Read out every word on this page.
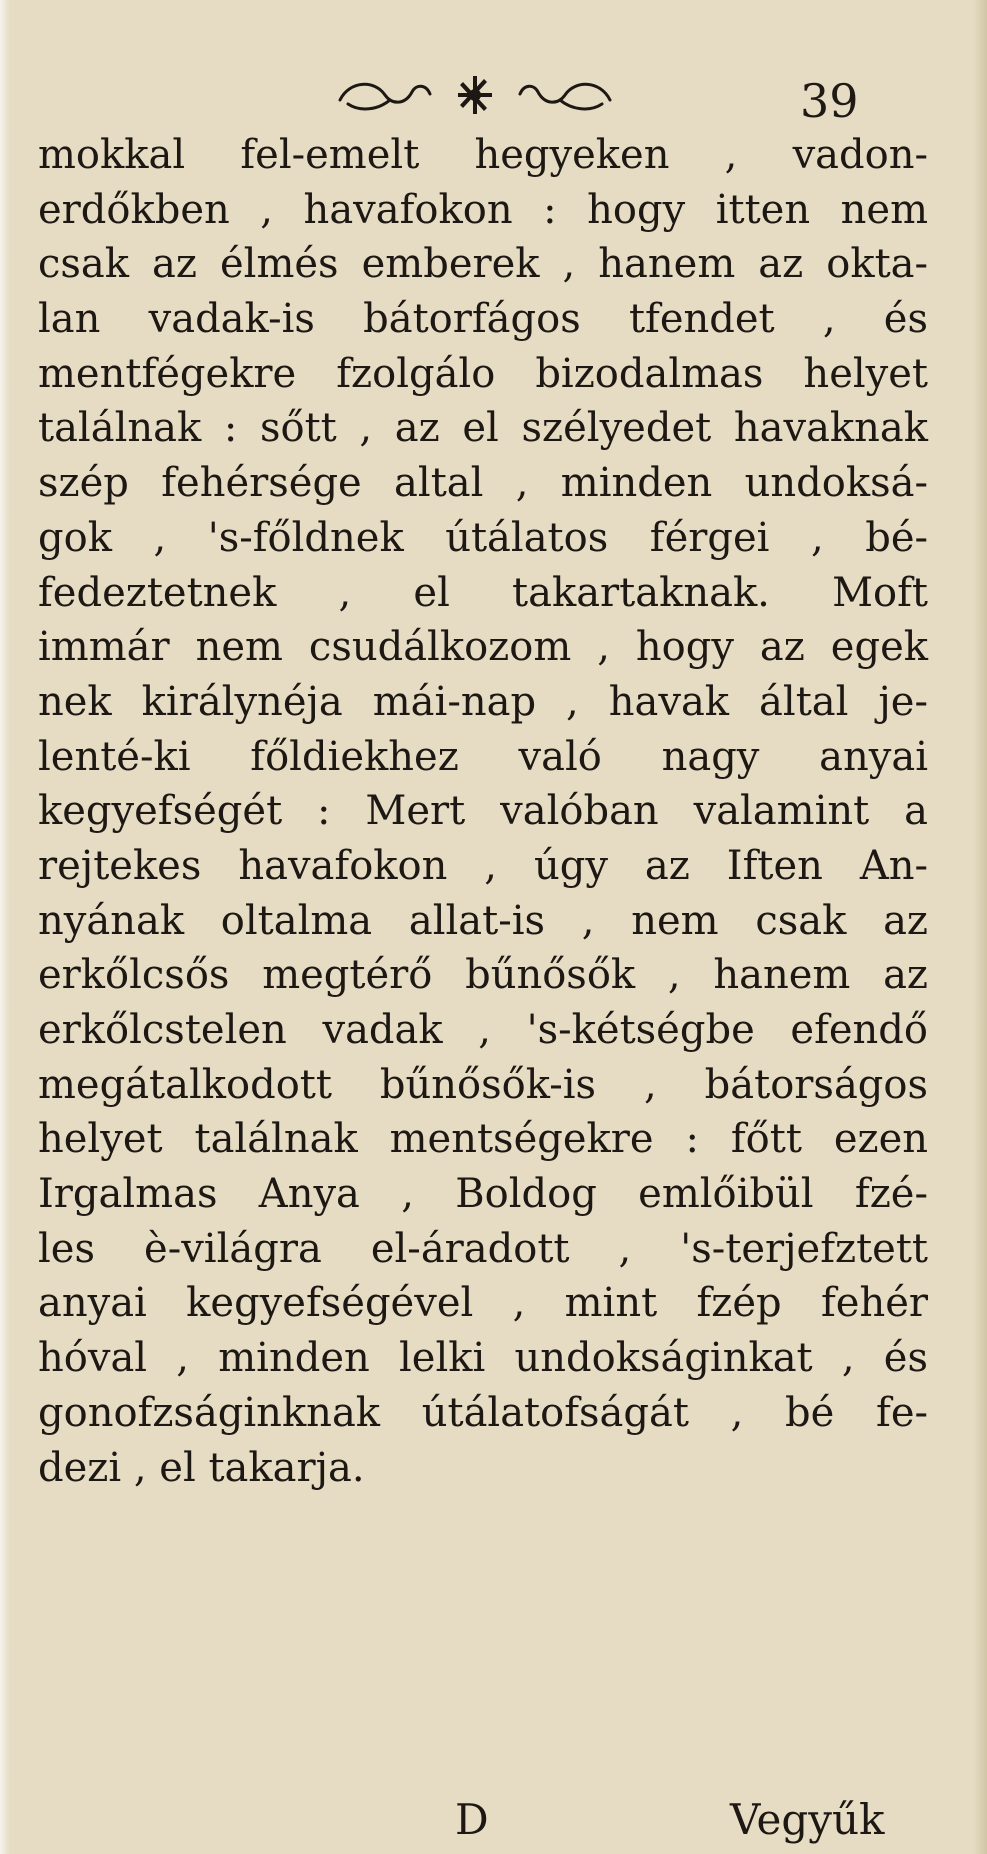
39
mokkal fel-emelt hegyeken , vadon-
erdőkben , havafokon : hogy itten nem
csak az élmés emberek , hanem az okta-
lan vadak-is bátorfágos tfendet , és
mentfégekre fzolgálo bizodalmas helyet
találnak : sőtt , az el szélyedet havaknak
szép fehérsége altal , minden undoksá-
gok , 's-főldnek útálatos férgei , bé-
fedeztetnek , el takartaknak. Moft
immár nem csudálkozom , hogy az egek
nek királynéja mái-nap , havak által je-
lenté-ki főldiekhez való nagy anyai
kegyefségét : Mert valóban valamint a
rejtekes havafokon , úgy az Iften An-
nyának oltalma allat-is , nem csak az
erkőlcsős megtérő bűnősők , hanem az
erkőlcstelen vadak , 's-kétségbe efendő
megátalkodott bűnősők-is , bátorságos
helyet találnak mentségekre : főtt ezen
Irgalmas Anya , Boldog emlőibül fzé-
les è-világra el-áradott , 's-terjefztett
anyai kegyefségével , mint fzép fehér
hóval , minden lelki undokságinkat , és
gonofzságinknak útálatofságát , bé fe-
dezi , el takarja.
D	Vegyűk
